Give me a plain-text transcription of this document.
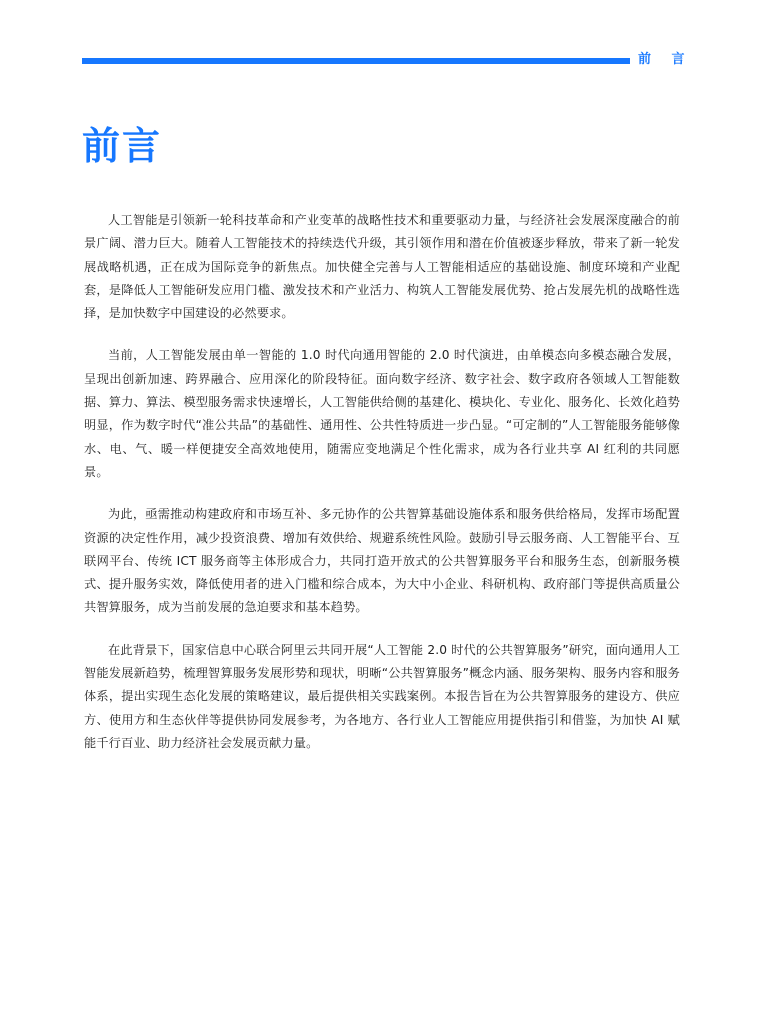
前 言
前言

人工智能是引领新一轮科技革命和产业变革的战略性技术和重要驱动力量，与经济社会发展深度融合的前景广阔、潜力巨大。随着人工智能技术的持续迭代升级，其引领作用和潜在价值被逐步释放，带来了新一轮发展战略机遇，正在成为国际竞争的新焦点。加快健全完善与人工智能相适应的基础设施、制度环境和产业配套，是降低人工智能研发应用门槛、激发技术和产业活力、构筑人工智能发展优势、抢占发展先机的战略性选择，是加快数字中国建设的必然要求。

当前，人工智能发展由单一智能的 1.0 时代向通用智能的 2.0 时代演进，由单模态向多模态融合发展，呈现出创新加速、跨界融合、应用深化的阶段特征。面向数字经济、数字社会、数字政府各领域人工智能数据、算力、算法、模型服务需求快速增长，人工智能供给侧的基建化、模块化、专业化、服务化、长效化趋势明显，作为数字时代“准公共品”的基础性、通用性、公共性特质进一步凸显。“可定制的”人工智能服务能够像水、电、气、暖一样便捷安全高效地使用，随需应变地满足个性化需求，成为各行业共享 AI 红利的共同愿景。

为此，亟需推动构建政府和市场互补、多元协作的公共智算基础设施体系和服务供给格局，发挥市场配置资源的决定性作用，减少投资浪费、增加有效供给、规避系统性风险。鼓励引导云服务商、人工智能平台、互联网平台、传统 ICT 服务商等主体形成合力，共同打造开放式的公共智算服务平台和服务生态，创新服务模式、提升服务实效，降低使用者的进入门槛和综合成本，为大中小企业、科研机构、政府部门等提供高质量公共智算服务，成为当前发展的急迫要求和基本趋势。

在此背景下，国家信息中心联合阿里云共同开展“人工智能 2.0 时代的公共智算服务”研究，面向通用人工智能发展新趋势，梳理智算服务发展形势和现状，明晰“公共智算服务”概念内涵、服务架构、服务内容和服务体系，提出实现生态化发展的策略建议，最后提供相关实践案例。本报告旨在为公共智算服务的建设方、供应方、使用方和生态伙伴等提供协同发展参考，为各地方、各行业人工智能应用提供指引和借鉴，为加快 AI 赋能千行百业、助力经济社会发展贡献力量。
